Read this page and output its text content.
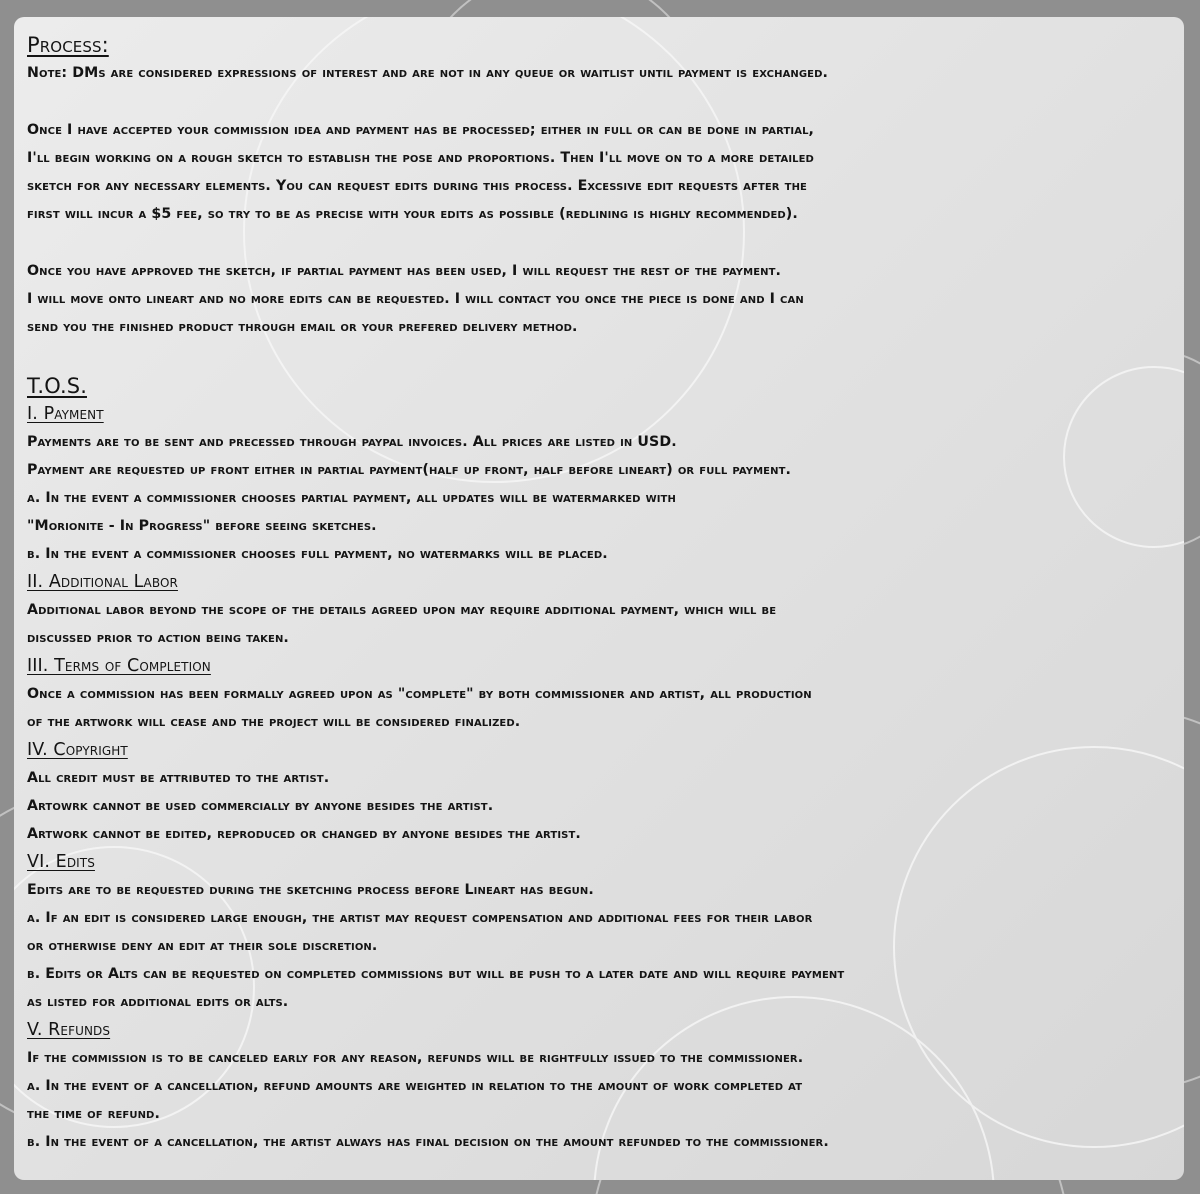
Process:
Note: DMs are considered expressions of interest and are not in any queue or waitlist until payment is exchanged.
Once I have accepted your commission idea and payment has be processed; either in full or can be done in partial,
I'll begin working on a rough sketch to establish the pose and proportions. Then I'll move on to a more detailed
sketch for any necessary elements. You can request edits during this process. Excessive edit requests after the
first will incur a $5 fee, so try to be as precise with your edits as possible (redlining is highly recommended).
Once you have approved the sketch, if partial payment has been used, I will request the rest of the payment.
I will move onto lineart and no more edits can be requested. I will contact you once the piece is done and I can
send you the finished product through email or your prefered delivery method.
T.O.S.
I. Payment
Payments are to be sent and precessed through paypal invoices. All prices are listed in USD.
Payment are requested up front either in partial payment(half up front, half before lineart) or full payment.
a. In the event a commissioner chooses partial payment, all updates will be watermarked with
"Morionite - In Progress" before seeing sketches.
b. In the event a commissioner chooses full payment, no watermarks will be placed.
II. Additional Labor
Additional labor beyond the scope of the details agreed upon may require additional payment, which will be
discussed prior to action being taken.
III. Terms of Completion
Once a commission has been formally agreed upon as "complete" by both commissioner and artist, all production
of the artwork will cease and the project will be considered finalized.
IV. Copyright
All credit must be attributed to the artist.
Artowrk cannot be used commercially by anyone besides the artist.
Artwork cannot be edited, reproduced or changed by anyone besides the artist.
VI. Edits
Edits are to be requested during the sketching process before Lineart has begun.
a. If an edit is considered large enough, the artist may request compensation and additional fees for their labor
or otherwise deny an edit at their sole discretion.
b. Edits or Alts can be requested on completed commissions but will be push to a later date and will require payment
as listed for additional edits or alts.
V. Refunds
If the commission is to be canceled early for any reason, refunds will be rightfully issued to the commissioner.
a. In the event of a cancellation, refund amounts are weighted in relation to the amount of work completed at
the time of refund.
b. In the event of a cancellation, the artist always has final decision on the amount refunded to the commissioner.
